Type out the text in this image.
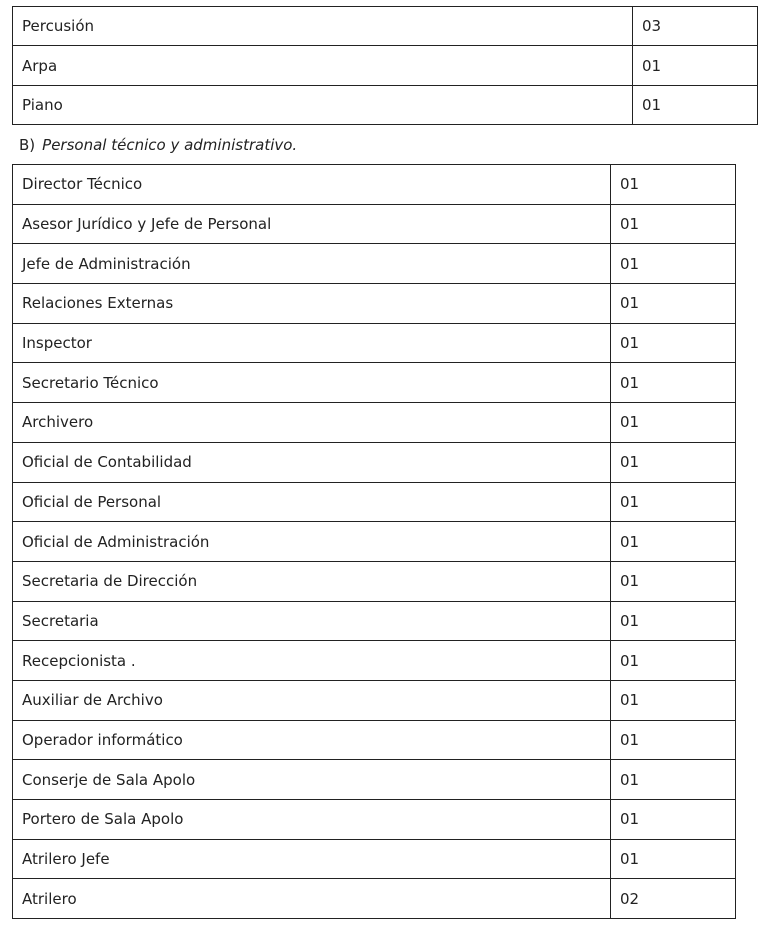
Percusión	03
Arpa	01
Piano	01
B) Personal técnico y administrativo.
Director Técnico	01
Asesor Jurídico y Jefe de Personal	01
Jefe de Administración	01
Relaciones Externas	01
Inspector	01
Secretario Técnico	01
Archivero	01
Oficial de Contabilidad	01
Oficial de Personal	01
Oficial de Administración	01
Secretaria de Dirección	01
Secretaria	01
Recepcionista .	01
Auxiliar de Archivo	01
Operador informático	01
Conserje de Sala Apolo	01
Portero de Sala Apolo	01
Atrilero Jefe	01
Atrilero	02
